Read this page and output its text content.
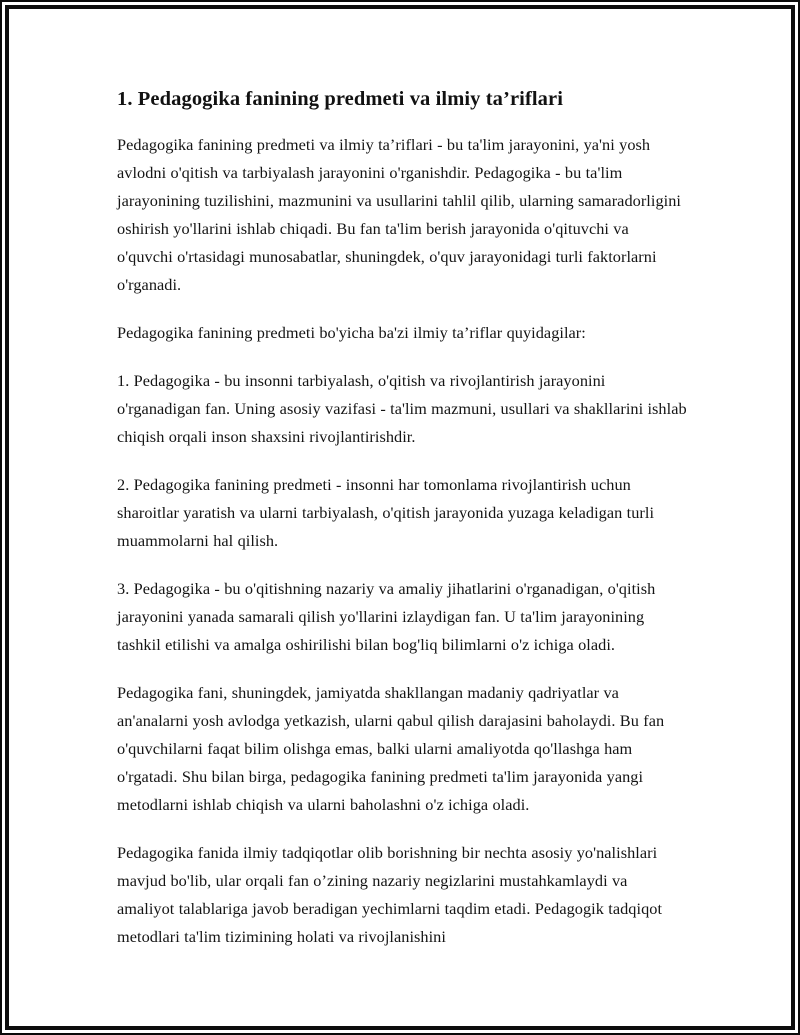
1. Pedagogika fanining predmeti va ilmiy ta’riflari

Pedagogika fanining predmeti va ilmiy ta’riflari - bu ta'lim jarayonini, ya'ni yosh avlodni o'qitish va tarbiyalash jarayonini o'rganishdir. Pedagogika - bu ta'lim jarayonining tuzilishini, mazmunini va usullarini tahlil qilib, ularning samaradorligini oshirish yo'llarini ishlab chiqadi. Bu fan ta'lim berish jarayonida o'qituvchi va o'quvchi o'rtasidagi munosabatlar, shuningdek, o'quv jarayonidagi turli faktorlarni o'rganadi.

Pedagogika fanining predmeti bo'yicha ba'zi ilmiy ta’riflar quyidagilar:

1. Pedagogika - bu insonni tarbiyalash, o'qitish va rivojlantirish jarayonini o'rganadigan fan. Uning asosiy vazifasi - ta'lim mazmuni, usullari va shakllarini ishlab chiqish orqali inson shaxsini rivojlantirishdir.

2. Pedagogika fanining predmeti - insonni har tomonlama rivojlantirish uchun sharoitlar yaratish va ularni tarbiyalash, o'qitish jarayonida yuzaga keladigan turli muammolarni hal qilish.

3. Pedagogika - bu o'qitishning nazariy va amaliy jihatlarini o'rganadigan, o'qitish jarayonini yanada samarali qilish yo'llarini izlaydigan fan. U ta'lim jarayonining tashkil etilishi va amalga oshirilishi bilan bog'liq bilimlarni o'z ichiga oladi.

Pedagogika fani, shuningdek, jamiyatda shakllangan madaniy qadriyatlar va an'analarni yosh avlodga yetkazish, ularni qabul qilish darajasini baholaydi. Bu fan o'quvchilarni faqat bilim olishga emas, balki ularni amaliyotda qo'llashga ham o'rgatadi. Shu bilan birga, pedagogika fanining predmeti ta'lim jarayonida yangi metodlarni ishlab chiqish va ularni baholashni o'z ichiga oladi.

Pedagogika fanida ilmiy tadqiqotlar olib borishning bir nechta asosiy yo'nalishlari mavjud bo'lib, ular orqali fan o’zining nazariy negizlarini mustahkamlaydi va amaliyot talablariga javob beradigan yechimlarni taqdim etadi. Pedagogik tadqiqot metodlari ta'lim tizimining holati va rivojlanishini
